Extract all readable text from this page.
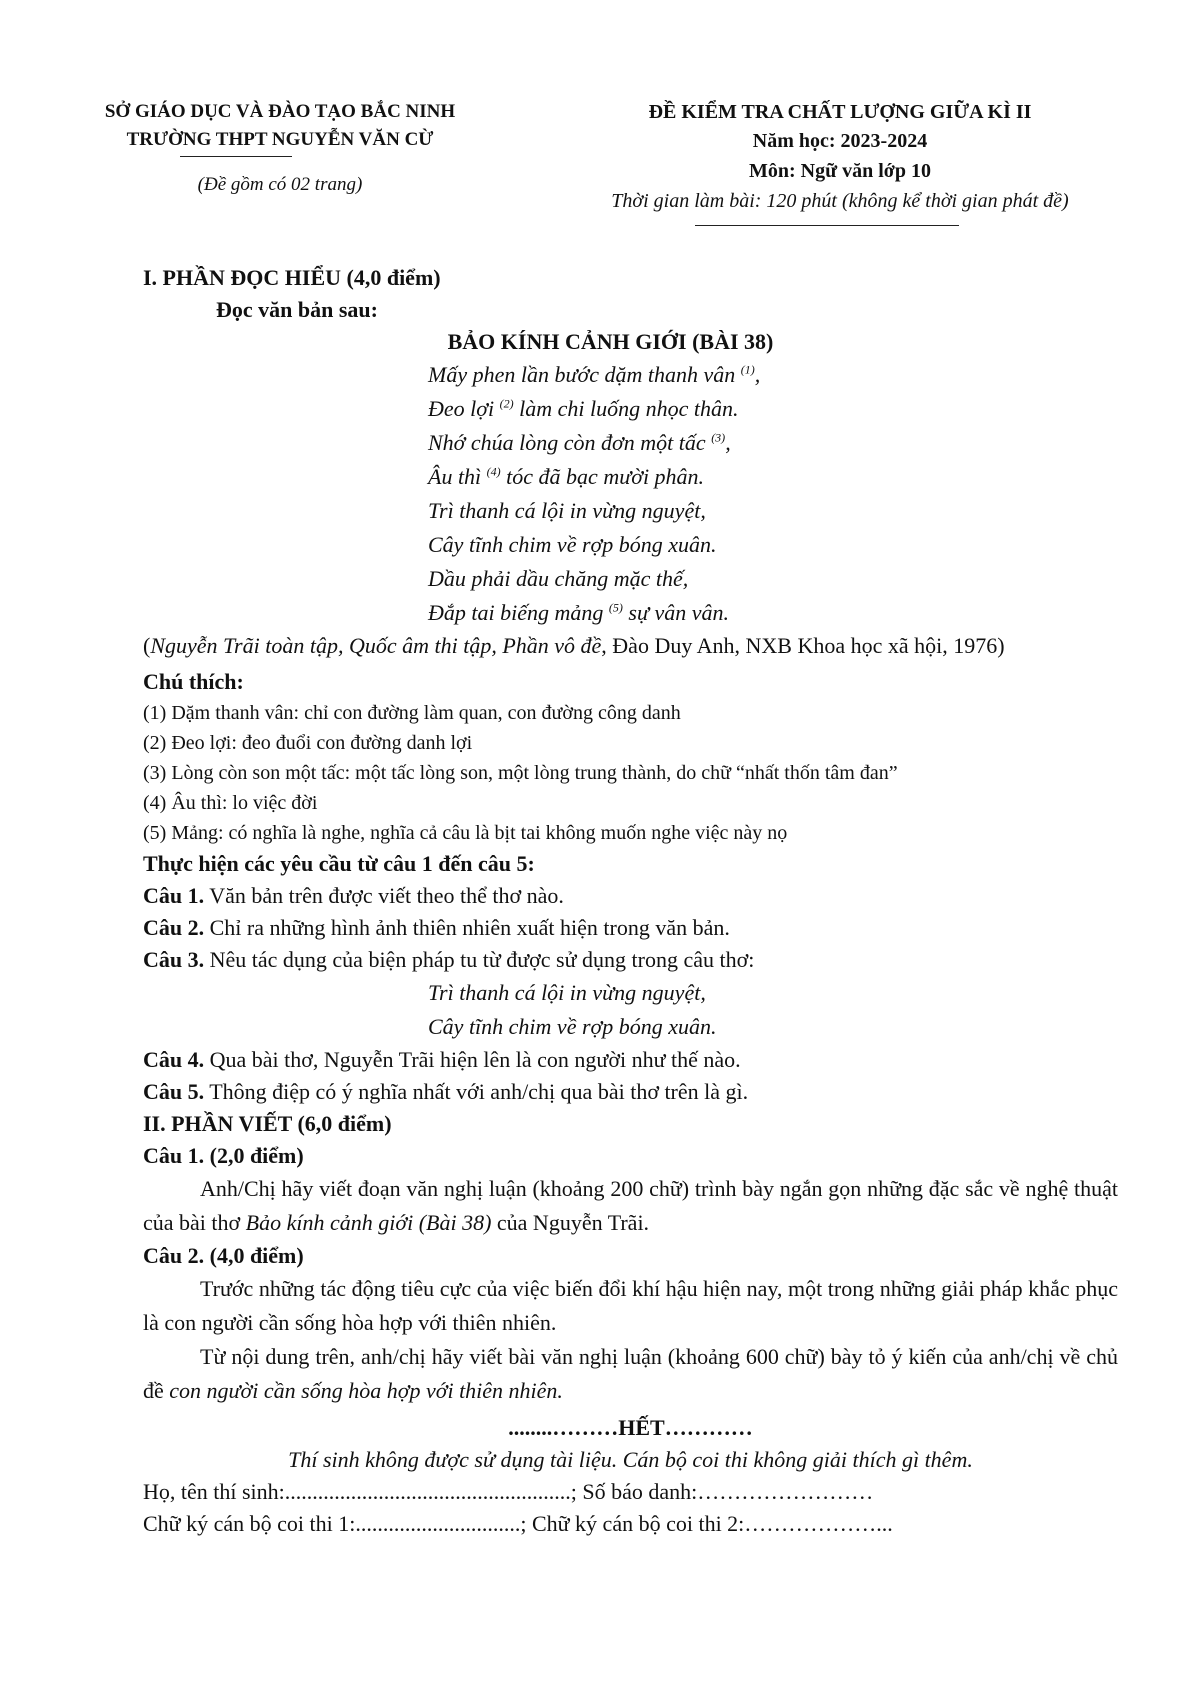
SỞ GIÁO DỤC VÀ ĐÀO TẠO BẮC NINH
TRƯỜNG THPT NGUYỄN VĂN CỪ
(Đề gồm có 02 trang)
ĐỀ KIỂM TRA CHẤT LƯỢNG GIỮA KÌ II
Năm học: 2023-2024
Môn: Ngữ văn lớp 10
Thời gian làm bài: 120 phút (không kể thời gian phát đề)
I. PHẦN ĐỌC HIỂU (4,0 điểm)
Đọc văn bản sau:
BẢO KÍNH CẢNH GIỚI (BÀI 38)
Mấy phen lần bước dặm thanh vân $^{(1)}$,
Đeo lợi $^{(2)}$ làm chi luống nhọc thân.
Nhớ chúa lòng còn đơn một tấc $^{(3)}$,
Âu thì $^{(4)}$ tóc đã bạc mười phân.
Trì thanh cá lội in vừng nguyệt,
Cây tĩnh chim về rợp bóng xuân.
Dầu phải dầu chăng mặc thế,
Đắp tai biếng mảng $^{(5)}$ sự vân vân.
(Nguyễn Trãi toàn tập, Quốc âm thi tập, Phần vô đề, Đào Duy Anh, NXB Khoa học xã hội, 1976)
Chú thích:
(1) Dặm thanh vân: chỉ con đường làm quan, con đường công danh
(2) Đeo lợi: đeo đuổi con đường danh lợi
(3) Lòng còn son một tấc: một tấc lòng son, một lòng trung thành, do chữ “nhất thốn tâm đan”
(4) Âu thì: lo việc đời
(5) Mảng: có nghĩa là nghe, nghĩa cả câu là bịt tai không muốn nghe việc này nọ
Thực hiện các yêu cầu từ câu 1 đến câu 5:
Câu 1. Văn bản trên được viết theo thể thơ nào.
Câu 2. Chỉ ra những hình ảnh thiên nhiên xuất hiện trong văn bản.
Câu 3. Nêu tác dụng của biện pháp tu từ được sử dụng trong câu thơ:
Trì thanh cá lội in vừng nguyệt,
Cây tĩnh chim về rợp bóng xuân.
Câu 4. Qua bài thơ, Nguyễn Trãi hiện lên là con người như thế nào.
Câu 5. Thông điệp có ý nghĩa nhất với anh/chị qua bài thơ trên là gì.
II. PHẦN VIẾT (6,0 điểm)
Câu 1. (2,0 điểm)
Anh/Chị hãy viết đoạn văn nghị luận (khoảng 200 chữ) trình bày ngắn gọn những đặc sắc về nghệ thuật của bài thơ Bảo kính cảnh giới (Bài 38) của Nguyễn Trãi.
Câu 2. (4,0 điểm)
Trước những tác động tiêu cực của việc biến đổi khí hậu hiện nay, một trong những giải pháp khắc phục là con người cần sống hòa hợp với thiên nhiên.
Từ nội dung trên, anh/chị hãy viết bài văn nghị luận (khoảng 600 chữ) bày tỏ ý kiến của anh/chị về chủ đề con người cần sống hòa hợp với thiên nhiên.
........………HẾT…………
Thí sinh không được sử dụng tài liệu. Cán bộ coi thi không giải thích gì thêm.
Họ, tên thí sinh:....................................................; Số báo danh:……………………
Chữ ký cán bộ coi thi 1:..............................; Chữ ký cán bộ coi thi 2:………………...
